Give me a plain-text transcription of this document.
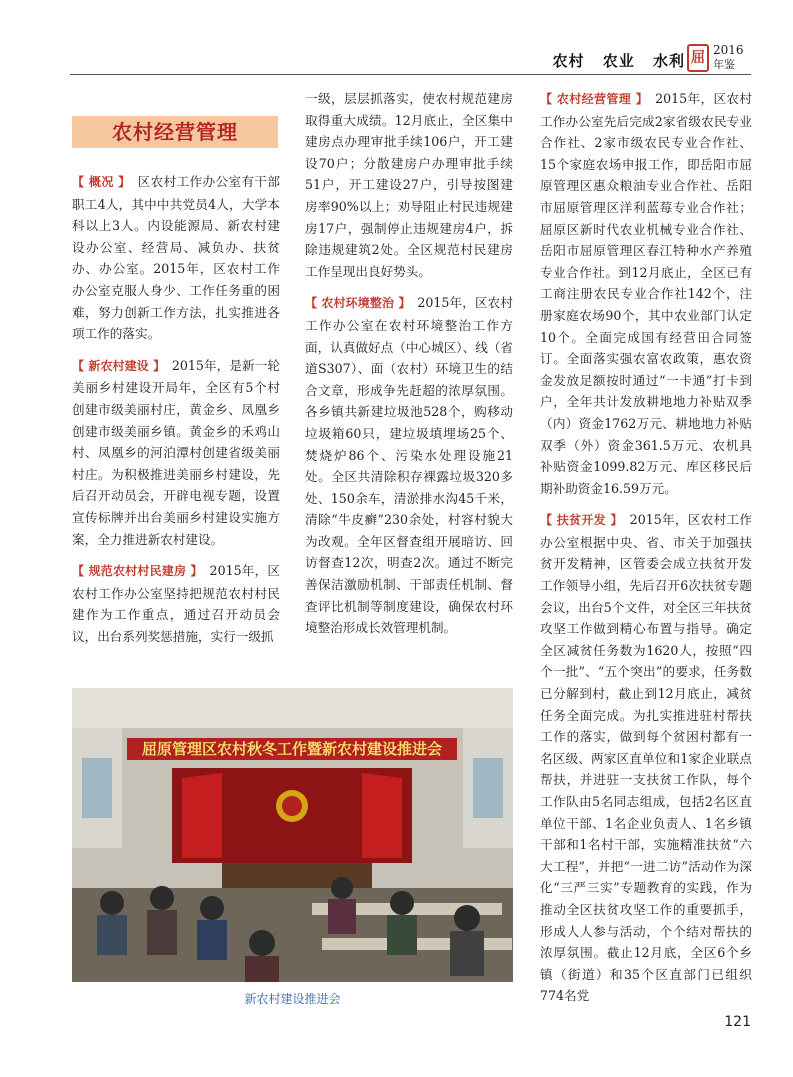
农村 农业 水利 屈 2016
年鉴
农村经营管理

【 概况 】　区农村工作办公室有干部职工4人，其中中共党员4人，大学本科以上3人。内设能源局、新农村建设办公室、经营局、减负办、扶贫办、办公室。2015年，区农村工作办公室克服人身少、工作任务重的困难，努力创新工作方法，扎实推进各项工作的落实。

【 新农村建设 】　2015年，是新一轮美丽乡村建设开局年，全区有5个村创建市级美丽村庄，黄金乡、凤凰乡创建市级美丽乡镇。黄金乡的禾鸡山村、凤凰乡的河泊潭村创建省级美丽村庄。为积极推进美丽乡村建设，先后召开动员会，开辟电视专题，设置宣传标牌并出台美丽乡村建设实施方案，全力推进新农村建设。

【 规范农村村民建房 】　2015年，区农村工作办公室坚持把规范农村村民建作为工作重点，通过召开动员会议，出台系列奖惩措施，实行一级抓

一级，层层抓落实，使农村规范建房取得重大成绩。12月底止，全区集中建房点办理审批手续106户，开工建设70户；分散建房户办理审批手续51户，开工建设27户，引导按图建房率90%以上；劝导阻止村民违规建房17户，强制停止违规建房4户，拆除违规建筑2处。全区规范村民建房工作呈现出良好势头。

【 农村环境整治 】　2015年，区农村工作办公室在农村环境整治工作方面，认真做好点（中心城区）、线（省道S307）、面（农村）环境卫生的结合文章，形成争先赶超的浓厚氛围。各乡镇共新建垃圾池528个，购移动垃圾箱60只，建垃圾填埋场25个、焚烧炉86个、污染水处理设施21处。全区共清除积存裸露垃圾320多处、150余车，清淤排水沟45千米，清除“牛皮癣”230余处，村容村貌大为改观。全年区督查组开展暗访、回访督查12次，明查2次。通过不断完善保洁激励机制、干部责任机制、督查评比机制等制度建设，确保农村环境整治形成长效管理机制。

【 农村经营管理 】　2015年，区农村工作办公室先后完成2家省级农民专业合作社、2家市级农民专业合作社、15个家庭农场申报工作，即岳阳市屈原管理区惠众粮油专业合作社、岳阳市屈原管理区洋利蓝莓专业合作社；屈原区新时代农业机械专业合作社、岳阳市屈原管理区春江特种水产养殖专业合作社。到12月底止，全区已有工商注册农民专业合作社142个，注册家庭农场90个，其中农业部门认定10个。全面完成国有经营田合同签订。全面落实强农富农政策，惠农资金发放足额按时通过“一卡通”打卡到户，全年共计发放耕地地力补贴双季（内）资金1762万元、耕地地力补贴双季（外）资金361.5万元、农机具补贴资金1099.82万元、库区移民后期补助资金16.59万元。

【 扶贫开发 】　2015年，区农村工作办公室根据中央、省、市关于加强扶贫开发精神，区管委会成立扶贫开发工作领导小组，先后召开6次扶贫专题会议，出台5个文件，对全区三年扶贫攻坚工作做到精心布置与指导。确定全区减贫任务数为1620人，按照“四个一批”、“五个突出”的要求，任务数已分解到村，截止到12月底止，减贫任务全面完成。为扎实推进驻村帮扶工作的落实，做到每个贫困村都有一名区级、两家区直单位和1家企业联点帮扶，并进驻一支扶贫工作队，每个工作队由5名同志组成，包括2名区直单位干部、1名企业负责人、1名乡镇干部和1名村干部，实施精准扶贫“六大工程”，并把“一进二访”活动作为深化“三严三实”专题教育的实践，作为推动全区扶贫攻坚工作的重要抓手，形成人人参与活动，个个结对帮扶的浓厚氛围。截止12月底，全区6个乡镇（街道）和35个区直部门已组织774名党

屈原管理区农村秋冬工作暨新农村建设推进会
新农村建设推进会
121
